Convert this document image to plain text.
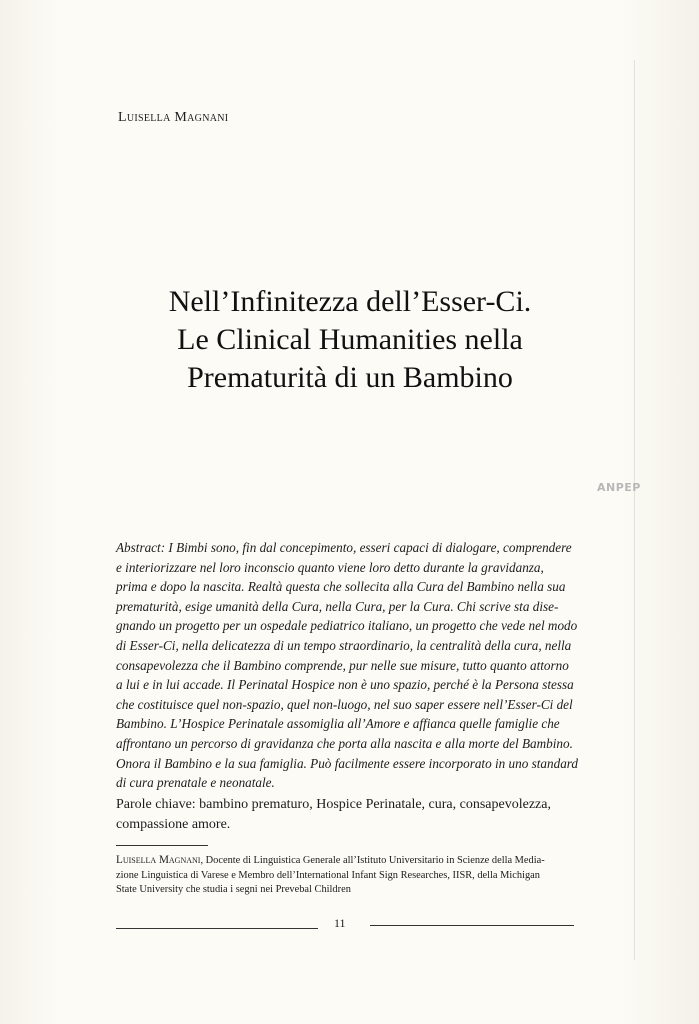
Luisella Magnani
Nell’Infinitezza dell’Esser-Ci.
Le Clinical Humanities nella
Prematurità di un Bambino
ANPEP
Abstract: I Bimbi sono, fin dal concepimento, esseri capaci di dialogare, comprendere
e interiorizzare nel loro inconscio quanto viene loro detto durante la gravidanza,
prima e dopo la nascita. Realtà questa che sollecita alla Cura del Bambino nella sua
prematurità, esige umanità della Cura, nella Cura, per la Cura. Chi scrive sta dise-
gnando un progetto per un ospedale pediatrico italiano, un progetto che vede nel modo
di Esser-Ci, nella delicatezza di un tempo straordinario, la centralità della cura, nella
consapevolezza che il Bambino comprende, pur nelle sue misure, tutto quanto attorno
a lui e in lui accade. Il Perinatal Hospice non è uno spazio, perché è la Persona stessa
che costituisce quel non-spazio, quel non-luogo, nel suo saper essere nell’Esser-Ci del
Bambino. L’Hospice Perinatale assomiglia all’Amore e affianca quelle famiglie che
affrontano un percorso di gravidanza che porta alla nascita e alla morte del Bambino.
Onora il Bambino e la sua famiglia. Può facilmente essere incorporato in uno standard
di cura prenatale e neonatale.
Parole chiave: bambino prematuro, Hospice Perinatale, cura, consapevolezza,
compassione amore.
Luisella Magnani, Docente di Linguistica Generale all’Istituto Universitario in Scienze della Media-
zione Linguistica di Varese e Membro dell’International Infant Sign Researches, IISR, della Michigan
State University che studia i segni nei Prevebal Children
11
